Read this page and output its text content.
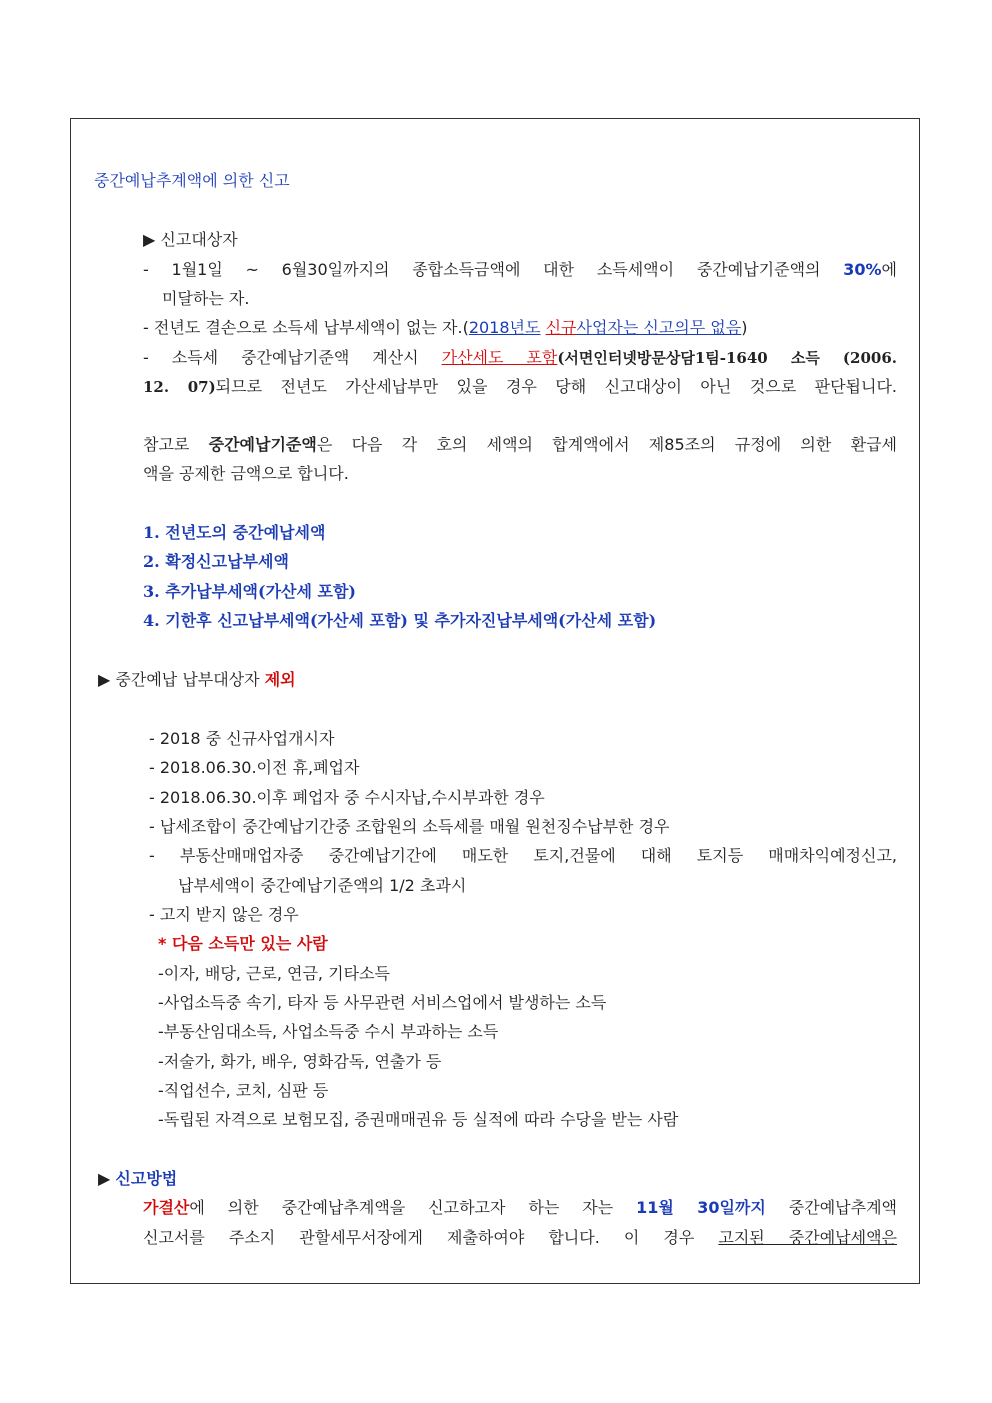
중간예납추계액에 의한 신고
▶ 신고대상자
- 1월1일 ~ 6월30일까지의 종합소득금액에 대한 소득세액이 중간예납기준액의 30%에
미달하는 자.
- 전년도 결손으로 소득세 납부세액이 없는 자.(2018년도 신규사업자는 신고의무 없음)
- 소득세 중간예납기준액 계산시 가산세도 포함(서면인터넷방문상담1팀-1640 소득 (2006.
12. 07)되므로 전년도 가산세납부만 있을 경우 당해 신고대상이 아닌 것으로 판단됩니다.
참고로 중간예납기준액은 다음 각 호의 세액의 합계액에서 제85조의 규정에 의한 환급세
액을 공제한 금액으로 합니다.
1. 전년도의 중간예납세액
2. 확정신고납부세액
3. 추가납부세액(가산세 포함)
4. 기한후 신고납부세액(가산세 포함) 및 추가자진납부세액(가산세 포함)
▶ 중간예납 납부대상자 제외
- 2018 중 신규사업개시자
- 2018.06.30.이전 휴,폐업자
- 2018.06.30.이후 폐업자 중 수시자납,수시부과한 경우
- 납세조합이 중간예납기간중 조합원의 소득세를 매월 원천징수납부한 경우
- 부동산매매업자중 중간예납기간에 매도한 토지,건물에 대해 토지등 매매차익예정신고,
납부세액이 중간예납기준액의 1/2 초과시
- 고지 받지 않은 경우
* 다음 소득만 있는 사람
-이자, 배당, 근로, 연금, 기타소득
-사업소득중 속기, 타자 등 사무관련 서비스업에서 발생하는 소득
-부동산임대소득, 사업소득중 수시 부과하는 소득
-저술가, 화가, 배우, 영화감독, 연출가 등
-직업선수, 코치, 심판 등
-독립된 자격으로 보험모집, 증권매매권유 등 실적에 따라 수당을 받는 사람
▶ 신고방법
가결산에 의한 중간예납추계액을 신고하고자 하는 자는 11월 30일까지 중간예납추계액
신고서를 주소지 관할세무서장에게 제출하여야 합니다. 이 경우 고지된 중간예납세액은
